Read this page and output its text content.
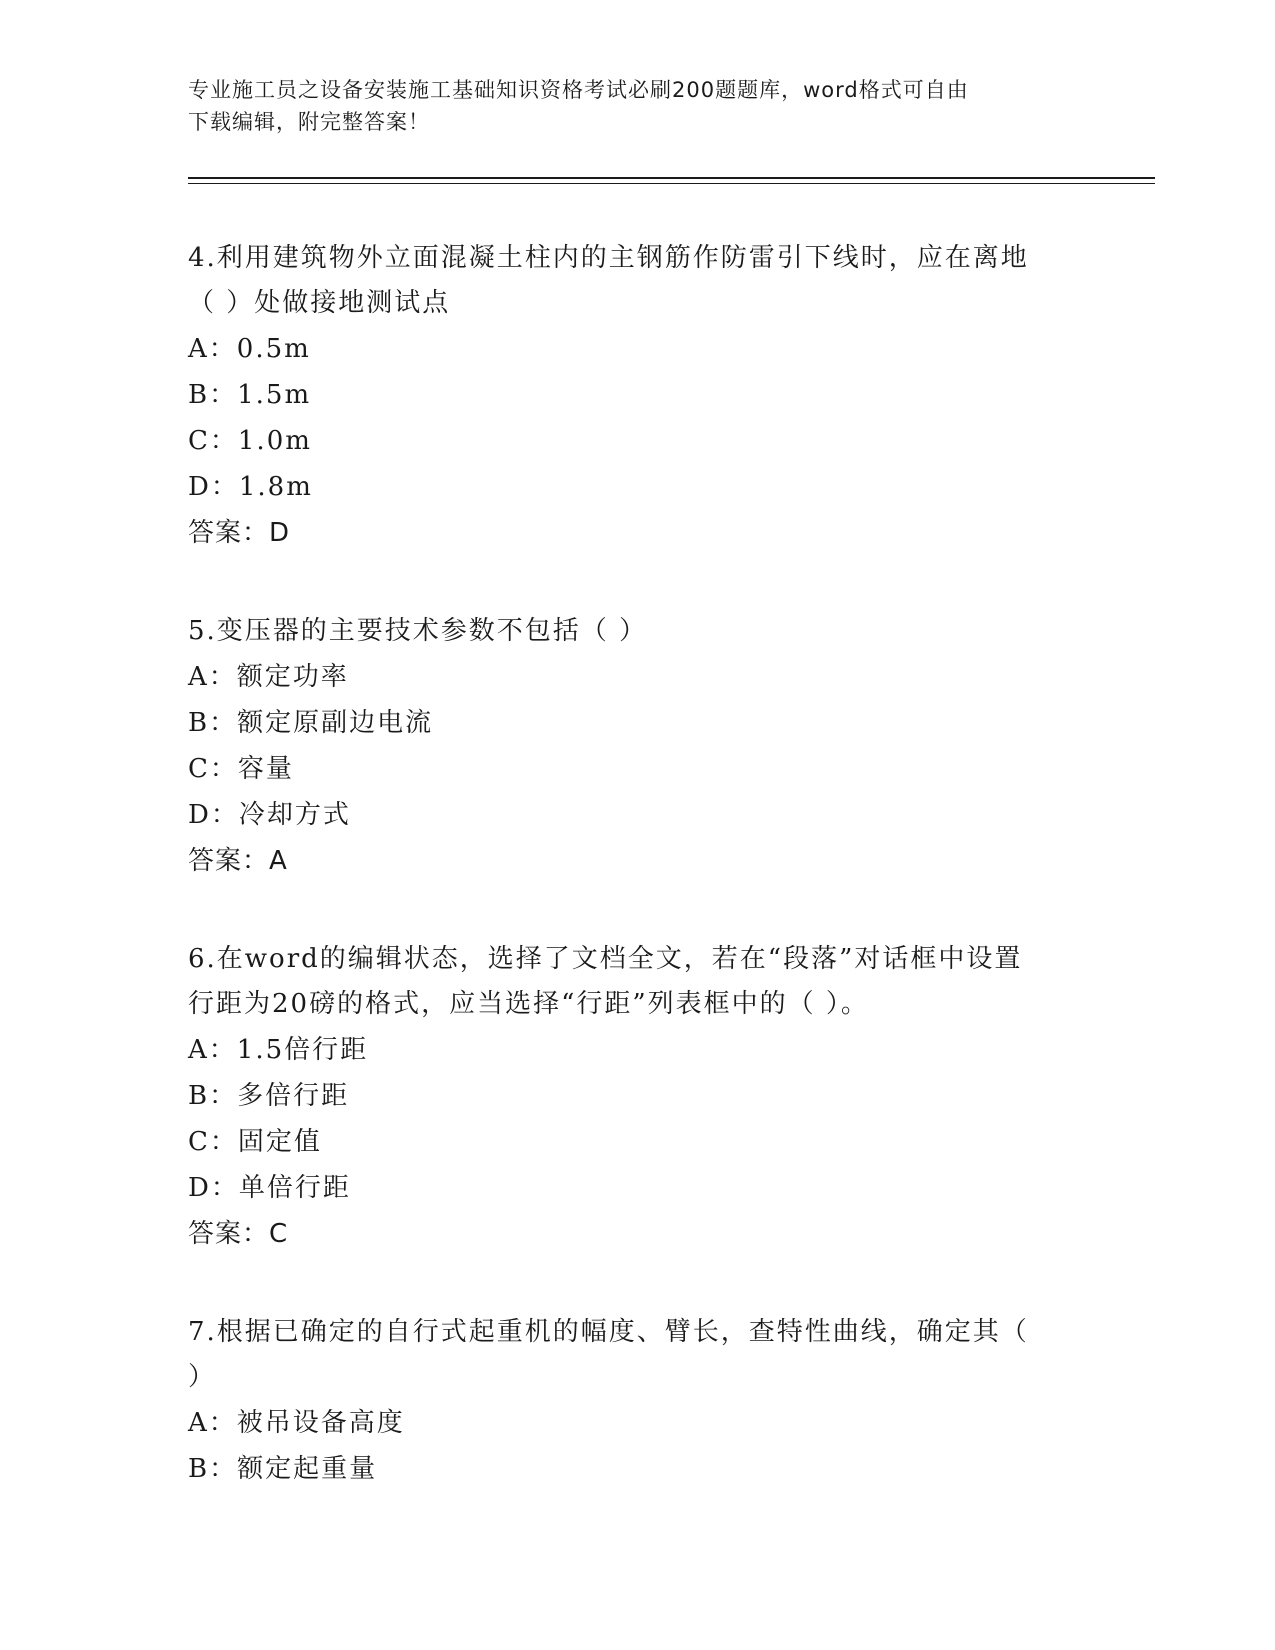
专业施工员之设备安装施工基础知识资格考试必刷200题题库，word格式可自由
下载编辑，附完整答案！
4.利用建筑物外立面混凝土柱内的主钢筋作防雷引下线时，应在离地
（ ）处做接地测试点
A：0.5m
B：1.5m
C：1.0m
D：1.8m
答案：D
5.变压器的主要技术参数不包括（ ）
A：额定功率
B：额定原副边电流
C：容量
D：冷却方式
答案：A
6.在word的编辑状态，选择了文档全文，若在“段落”对话框中设置
行距为20磅的格式，应当选择“行距”列表框中的（ ）。
A：1.5倍行距
B：多倍行距
C：固定值
D：单倍行距
答案：C
7.根据已确定的自行式起重机的幅度、臂长，查特性曲线，确定其（
）
A：被吊设备高度
B：额定起重量
